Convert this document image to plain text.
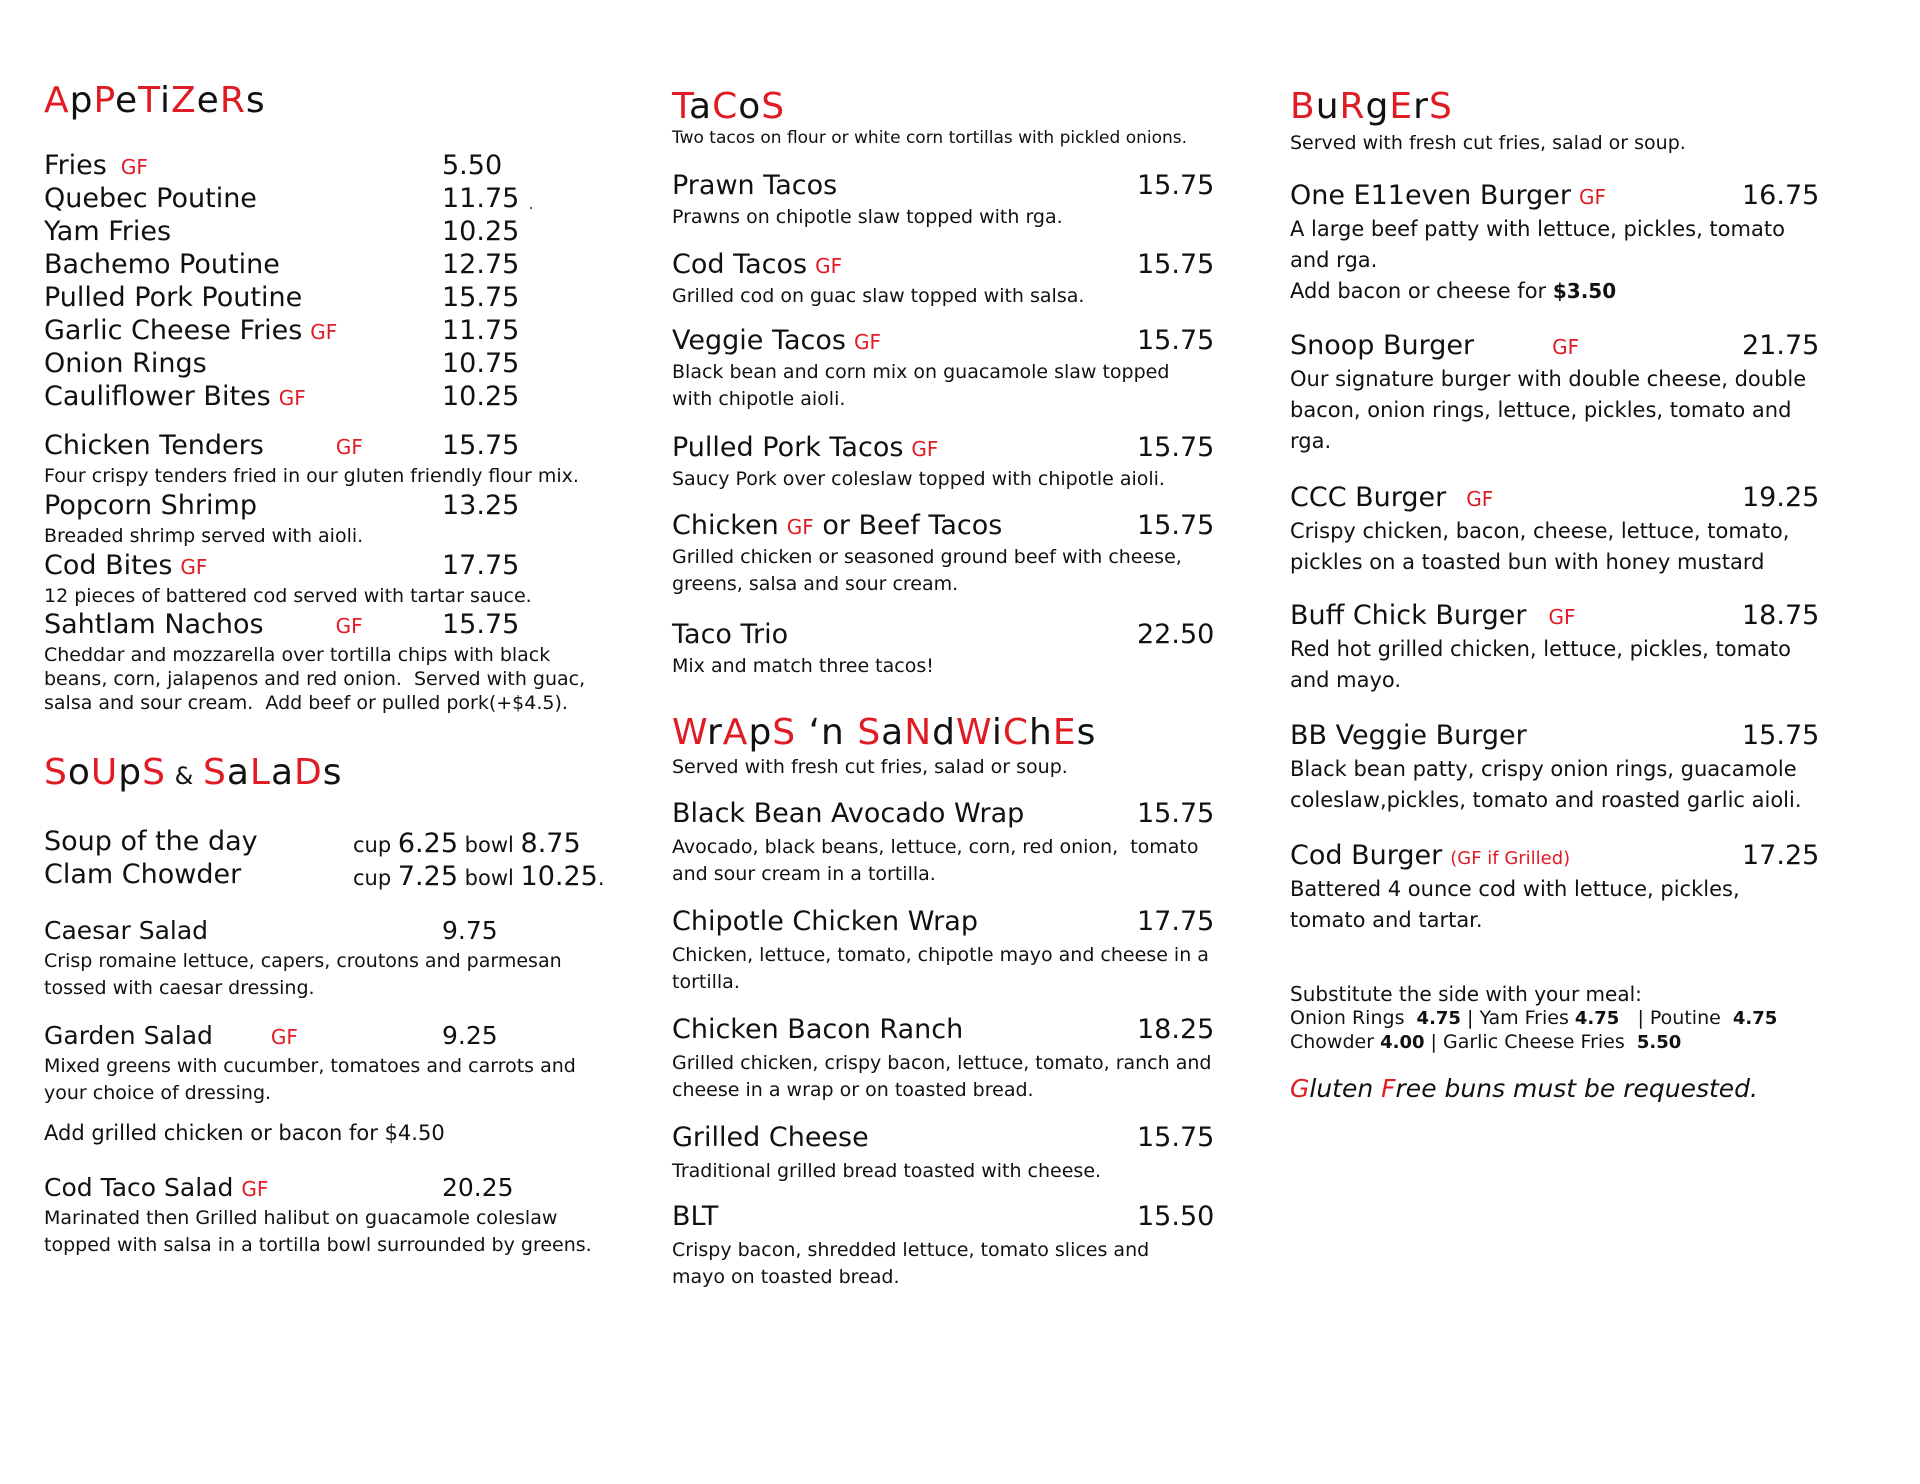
ApPeTiZeRs
Fries GF	5.50
Quebec Poutine	11.75
Yam Fries	10.25
Bachemo Poutine	12.75
Pulled Pork Poutine	15.75
Garlic Cheese Fries GF	11.75
Onion Rings	10.75
Cauliflower Bites GF	10.25
Chicken Tenders	GF	15.75
Four crispy tenders fried in our gluten friendly flour mix.
Popcorn Shrimp	13.25
Breaded shrimp served with aioli.
Cod Bites GF	17.75
12 pieces of battered cod served with tartar sauce.
Sahtlam Nachos	GF	15.75
Cheddar and mozzarella over tortilla chips with black
beans, corn, jalapenos and red onion.  Served with guac,
salsa and sour cream.  Add beef or pulled pork(+$4.5).
SoUpS & SaLaDs
Soup of the day	cup 6.25 bowl 8.75
Clam Chowder	cup 7.25 bowl 10.25.
Caesar Salad	9.75
Crisp romaine lettuce, capers, croutons and parmesan
tossed with caesar dressing.
Garden Salad	GF	9.25
Mixed greens with cucumber, tomatoes and carrots and
your choice of dressing.
Add grilled chicken or bacon for $4.50
Cod Taco Salad GF	20.25
Marinated then Grilled halibut on guacamole coleslaw
topped with salsa in a tortilla bowl surrounded by greens.
TaCoS
Two tacos on flour or white corn tortillas with pickled onions.
Prawn Tacos	15.75
Prawns on chipotle slaw topped with rga.
Cod Tacos GF	15.75
Grilled cod on guac slaw topped with salsa.
Veggie Tacos GF	15.75
Black bean and corn mix on guacamole slaw topped
with chipotle aioli.
Pulled Pork Tacos GF	15.75
Saucy Pork over coleslaw topped with chipotle aioli.
Chicken GF or Beef Tacos	15.75
Grilled chicken or seasoned ground beef with cheese,
greens, salsa and sour cream.
Taco Trio	22.50
Mix and match three tacos!
WrApS ‘n SaNdWiChEs
Served with fresh cut fries, salad or soup.
Black Bean Avocado Wrap	15.75
Avocado, black beans, lettuce, corn, red onion,  tomato
and sour cream in a tortilla.
Chipotle Chicken Wrap	17.75
Chicken, lettuce, tomato, chipotle mayo and cheese in a
tortilla.
Chicken Bacon Ranch	18.25
Grilled chicken, crispy bacon, lettuce, tomato, ranch and
cheese in a wrap or on toasted bread.
Grilled Cheese	15.75
Traditional grilled bread toasted with cheese.
BLT	15.50
Crispy bacon, shredded lettuce, tomato slices and
mayo on toasted bread.
BuRgErS
Served with fresh cut fries, salad or soup.
One E11even Burger GF	16.75
A large beef patty with lettuce, pickles, tomato
and rga.
Add bacon or cheese for $3.50
Snoop Burger	GF	21.75
Our signature burger with double cheese, double
bacon, onion rings, lettuce, pickles, tomato and
rga.
CCC Burger GF	19.25
Crispy chicken, bacon, cheese, lettuce, tomato,
pickles on a toasted bun with honey mustard
Buff Chick Burger GF	18.75
Red hot grilled chicken, lettuce, pickles, tomato
and mayo.
BB Veggie Burger	15.75
Black bean patty, crispy onion rings, guacamole
coleslaw,pickles, tomato and roasted garlic aioli.
Cod Burger (GF if Grilled)	17.25
Battered 4 ounce cod with lettuce, pickles,
tomato and tartar.
Substitute the side with your meal:
Onion Rings  4.75 | Yam Fries 4.75   | Poutine  4.75
Chowder 4.00 | Garlic Cheese Fries  5.50
Gluten Free buns must be requested.
